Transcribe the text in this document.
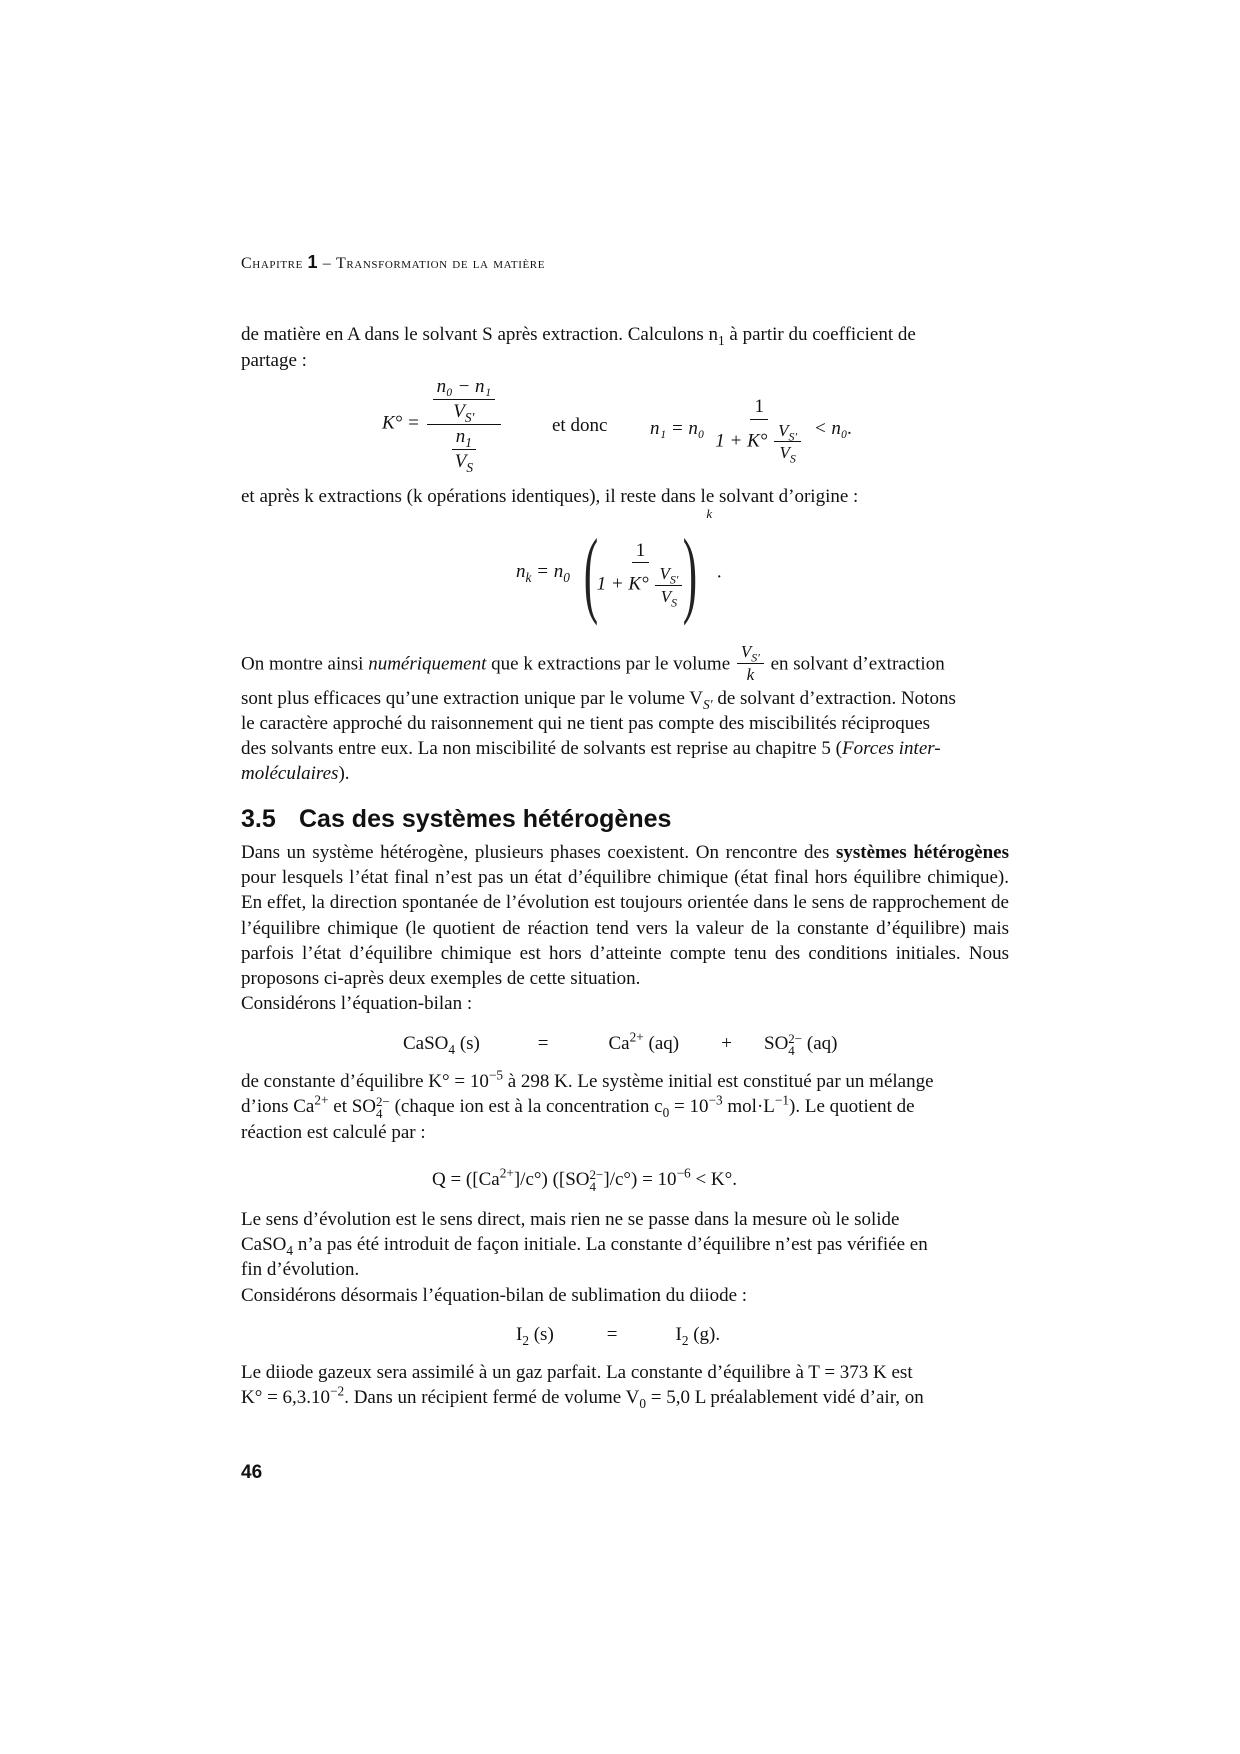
Chapitre 1 – Transformation de la matière

de matière en A dans le solvant S après extraction. Calculons $n_1$ à partir du coefficient de

partage :

$K^\circ = \frac{\frac{\text{n₀ − n₁}}{V_{S'}}}{\frac{n_1}{V_S}}$	et donc $n_1 = n_0 \frac{1}{1 + K^\circ \frac{V_{S'}}{V_S}} < n_0$.

et après k extractions (k opérations identiques), il reste dans le solvant d’origine :

$n_k = n_0$ (
$\frac{1}{1 + K^\circ \frac{V_{S'}}{V_S}}$
)$^k$ .

On montre ainsi numériquement que k extractions par le volume $\frac{V_{S'}}{k}$ en solvant d’extraction

sont plus efficaces qu’une extraction unique par le volume $V_{S'}$ de solvant d’extraction. Notons

le caractère approché du raisonnement qui ne tient pas compte des miscibilités réciproques

des solvants entre eux. La non miscibilité de solvants est reprise au chapitre 5 (Forces inter-

moléculaires).

3.5 Cas des systèmes hétérogènes

Dans un système hétérogène, plusieurs phases coexistent. On rencontre des systèmes hétérogènes pour lesquels l’état final n’est pas un état d’équilibre chimique (état final hors équilibre chimique). En effet, la direction spontanée de l’évolution est toujours orientée dans le sens de rapprochement de l’équilibre chimique (le quotient de réaction tend vers la valeur de la constante d’équilibre) mais parfois l’état d’équilibre chimique est hors d’atteinte compte tenu des conditions initiales. Nous proposons ci-après deux exemples de cette situation.

Considérons l’équation-bilan :

CaSO$_4$ (s)	=	$Ca^{2+}$ (aq) + SO 2−
4 (aq)

de constante d’équilibre $K^\circ = 10^{-5}$ à 298 K. Le système initial est constitué par un mélange

d’ions $Ca^{2+}$ et SO 2−
4 (chaque ion est à la concentration $c_0 = 10^{-3}$ $mol\cdot L^{-1}$). Le quotient de

réaction est calculé par :

$Q = ([Ca^{2+}]/c^\circ)$ ([SO 2−
4 ]$/c^\circ) = 10^{-6} < K^\circ$.

Le sens d’évolution est le sens direct, mais rien ne se passe dans la mesure où le solide

CaSO$_4$ n’a pas été introduit de façon initiale. La constante d’équilibre n’est pas vérifiée en

fin d’évolution.

Considérons désormais l’équation-bilan de sublimation du diiode :

$I_2$ (s)	=	$I_2$ (g).

Le diiode gazeux sera assimilé à un gaz parfait. La constante d’équilibre à T = 373 K est

$K^\circ = 6,3.10^{-2}$. Dans un récipient fermé de volume $V_0 = 5,0$ L préalablement vidé d’air, on

46
